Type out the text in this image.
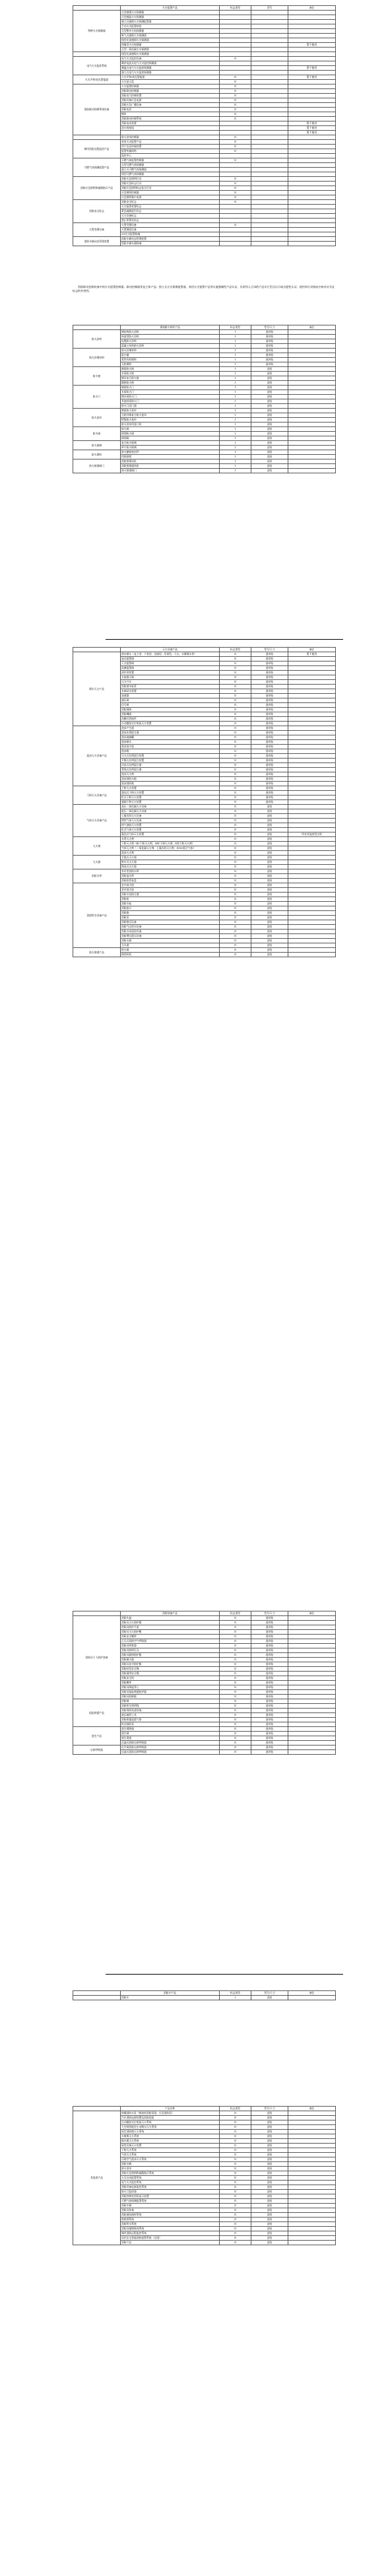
	火灾报警产品	标志类型	型号	备注
特种火灾探测器	点型感烟火灾探测器			
	点型感温火灾探测器			
	独立式感烟火灾探测报警器			
	手动火灾报警按钮			
	点型紫外火焰探测器			
	吸气式感烟火灾探测器			
	线型光束感烟火灾探测器			
	图像型火灾探测器			暂不使用
	点型一氧化碳火灾探测器			
	线型光束感烟火灾探测器			
电气火灾监控系统	电气火灾监控设备	II		
	剩余电流式电气火灾监控探测器			
	测温式电气火灾监控探测器			暂不使用
	独立式电气火灾监控探测器			
火灾声和/或光警报器	火灾声和/或光警报器	II		暂不使用
	火灾显示盘	II		
消防联动控制系统设备	火灾报警控制器	II		
	消防联动控制器	II		
	消防电气控制装置	II		
	消防设备应急电源	II		
	消防应急广播设备	II		
	消防电话	II		
	模块	II		
	消防联动控制系统	II		
	消防电动装置			暂不使用
	消火栓按钮			暂不使用
				暂不使用
	防火卷帘控制器	II		
城市消防远程监控产品	家用火灾报警产品	II		
	用户信息传输装置	II		
	报警传输网络	II		
	监控中心			
可燃气体探测报警产品	可燃气体报警控制器	II		
	点型可燃气体探测器			
	独立式可燃气体探测器			
	线型可燃气体探测器			
消防应急照明和疏散指示产品	消防应急照明灯具	II		
	消防应急标志灯具	II		
	消防应急照明标志复合灯具	II		
	应急照明控制器	II		
	应急照明集中电源	II		
消防安全标志	消防安全标志	II		
	火灾报警装置标志			
	紧急疏散逃生标志			
	灭火设备标志			
	禁止和警告标志			
火警受理设备	火警受理设备	II		
	火警调度设备			
	119火灾报警终端			
消防车辆动态管理装置	消防车辆动态管理装置			
	消防车辆车载终端			
消防联动控制设备中的火灾报警控制器、联动控制器等是主体产品；独立式火灾探测报警器、家用火灾报警产品等实施强制性产品认证，其余列入目录的产品实行型式认可或自愿性认证；使用单位采购前应核对证书及标志的有效性。
	建筑耐火构件产品	标志类型	型号/尺寸	备注
防火涂料	钢结构防火涂料	I	逐项检	
	饰面型防火涂料	I	逐项检	
	电缆防火涂料	I	逐项检	
	混凝土结构防火涂料	I	逐项检	
防火封堵材料	防火封堵材料	I	逐项检	
	阻火圈	I	逐项检	
	柔性有机堵料	I	逐项检	
	无机堵料	I	逐项检	
防火窗	钢质防火窗	I	直贴	
	木质防火窗	I	直贴	
	钢木复合防火窗	I	直贴	
	隔热防火窗	I	直贴	
防火门	钢质防火门	I	直贴	
	木质防火门	I	直贴	
	钢木质防火门	I	直贴	
	其他材质防火门	I	直贴	
	防火门闭门器	I	直贴	
防火卷帘	钢质防火卷帘	I	直贴	
	无机纤维复合防火卷帘	I	直贴	
	特级防火卷帘	I	直贴	
	防火卷帘用卷门机	I	直贴	
防火阀	防火阀	I	直贴	
	排烟防火阀	I	直贴	
	排烟阀	I	直贴	
防火玻璃	复合防火玻璃	I	直贴	
	单片防火玻璃	I	直贴	
防火堵料	防火膨胀密封件	I	直贴	
	挡烟垂壁	I	直贴	
防火排烟阀门	消防排烟风机	I	直贴	
	消防排烟通风机	I	直贴	
	防火排烟阀门	I	直贴	
	灭火设备产品	标志类型	型号/尺寸	备注
喷水灭火产品	洒水喷头（直立型、下垂型、边墙型、吊顶型、干式、水雾喷头等）	II	逐项检	暂不使用
	湿式报警阀	II	逐项检	
	干式报警阀	II	逐项检	
	雨淋报警阀	II	逐项检	
	预作用装置	II	逐项检	
	水流指示器	II	逐项检	
	压力开关	II	逐项检	
	消防洒水软管	II	逐项检	
	末端试水装置	II	逐项检	
	加速器	II	逐项检	
	减压阀	II	逐项检	
	信号阀	II	逐项检	
	消防闸阀	II	逐项检	
	消防蝶阀	II	逐项检	
	沟槽式管接件	II	逐项检	
	自动跟踪定位射流灭火装置	II	逐项检	
泡沫灭火设备产品	泡沫产生器	II	逐项检	
	泡沫比例混合器	II	逐项检	
	泡沫液储罐	II	逐项检	
	泡沫喷头	II	逐项检	
	泡沫消火栓	II	逐项检	
	泡沫炮	II	逐项检	
	压力式比例混合装置	II	逐项检	
	平衡式比例混合装置	II	逐项检	
	环泵式比例混合器	II	逐项检	
	管线式比例混合器	II	逐项检	
	泡沫灭火剂	II	逐项检	
	泡沫消防水炮	II	逐项检	
	泡沫消防炮	II	逐项检	
干粉灭火设备产品	干粉灭火装置	II	逐项检	
	悬挂式干粉灭火装置	II	逐项检	
	柜式干粉灭火装置	II	逐项检	
	超细干粉灭火装置	II	逐项检	
气体灭火设备产品	高压二氧化碳灭火设备	II	直贴	
	低压二氧化碳灭火设备	II	直贴	
	七氟丙烷灭火设备	II	直贴	
	惰性气体灭火设备	II	直贴	
	热气溶胶灭火装置	II	直贴	
	柜式气体灭火装置	II	直贴	
	悬挂式气体灭火装置	II	直贴	所有其他类型注明
灭火剂	水系灭火剂	II	直贴	
	干粉灭火剂（BC干粉灭火剂、ABC干粉灭火剂、D类干粉灭火剂）	II	直贴	
	气体灭火剂（二氧化碳灭火剂、七氟丙烷灭火剂、IG541混合气体）	II	直贴	
	泡沫灭火剂	II	直贴	
灭火器	手提式灭火器	II	直贴	
	推车式灭火器	II	直贴	
	简易式灭火器	II	直贴	
消防水带	有衬里消防水带	II	直贴	
	消防湿水带	II	直贴	
	消防软管卷盘	II	直贴	
消防给水设备产品	室内消火栓	II	直贴	
	室外消火栓	II	直贴	
	消防水泵接合器	II	直贴	
	消防枪	II	直贴	
	消防水枪	II	直贴	
	消防接口	II	直贴	
	消防炮	II	直贴	
	消防泵	II	直贴	
	消防稳压设备	II	直贴	
	消防气压给水设备	II	直贴	
	消防自动巡检设备	II	直贴	
	消防增压稳压设备	II	直贴	
	消防水箱	II	直贴	
	分水器	II	直贴	
防火排烟产品	防火阀	II	直贴	
	排烟风机	II	直贴	
	消防装备产品	标志类型	型号/尺寸	备注
消防员个人防护装备	消防头盔	II	逐项检	
	消防员灭火防护服	II	逐项检	
	消防员防护手套	II	逐项检	
	消防员灭火防护靴	II	逐项检	
	消防安全腰带	II	逐项检	
	正压式消防空气呼吸器	II	逐项检	
	消防员呼救器	II	逐项检	
	消防员照明灯具	II	逐项检	
	消防员隔热防护服	II	逐项检	
	消防避火服	II	逐项检	
	消防员化学防护服	II	逐项检	
	消防轻型安全绳	II	逐项检	
	消防通用安全绳	II	逐项检	
	消防安全钩	II	逐项检	
	消防腰斧	II	逐项检	
	消防员降温背心	II	逐项检	
	消防员抢险救援防护服	II	逐项检	
	消防员防蜂服	II	逐项检	
抢险救援产品	消防梯	II	逐项检	
	消防救生照明线	II	逐项检	
	消防用防坠落装备	II	逐项检	
	液压破拆工具	II	逐项检	
	消防救援起重气垫	II	逐项检	
	机动消防泵	II	逐项检	
逃生产品	逃生缓降器	II	逐项检	
	逃生梯	II	逐项检	
	逃生滑道	II	逐项检	
	过滤式消防自救呼吸器	II	逐项检	
自救呼吸器	化学氧消防自救呼吸器	II	逐项检	
	过滤式消防自救呼吸器	II	逐项检	
	消防车产品	标志类型	型号/尺寸	备注
	消防车	I	直贴	
	产品名称	标志类型	型号/尺寸	备注
其他类产品	防爆消防水泵（柴油机消防泵组、应急消防泵）	II	直贴	
	汽车消防电源装置及消防泵组	II	直贴	
	自动跟踪定位射流灭火系统	II	直贴	
	大空间智能型主动喷水灭火系统	II	直贴	
	固定消防炮灭火系统	II	直贴	
	水喷雾灭火系统	II	直贴	
	细水雾灭火系统	II	直贴	
	厨房设备灭火装置	II	直贴	
	干粉灭火系统	II	直贴	
	气体灭火系统	II	直贴	
	压缩空气泡沫灭火系统	II	直贴	
	消防水鹤	II	直贴	
	防火卷帘	II	直贴	
	消防应急照明和疏散指示系统	II	直贴	
	火灾自动报警系统	II	直贴	
	电气火灾监控系统	II	直贴	
	消防设备电源监控系统	II	直贴	
	防火门监控器	II	直贴	
	消防控制室图形显示装置	II	直贴	
	可燃气体探测报警系统	II	直贴	
	消防车辆	II	直贴	
	消防员装备	II	直贴	
	消防通信指挥系统	II	直贴	
	防排烟系统	II	直贴	
	消防给水系统	II	直贴	
	消防设施物联网系统	II	直贴	
	城市消防远程监控系统	II	直贴	
	居民住宅智能消防报警系统（无线）	II	直贴	
	消防产品	II	直贴	
